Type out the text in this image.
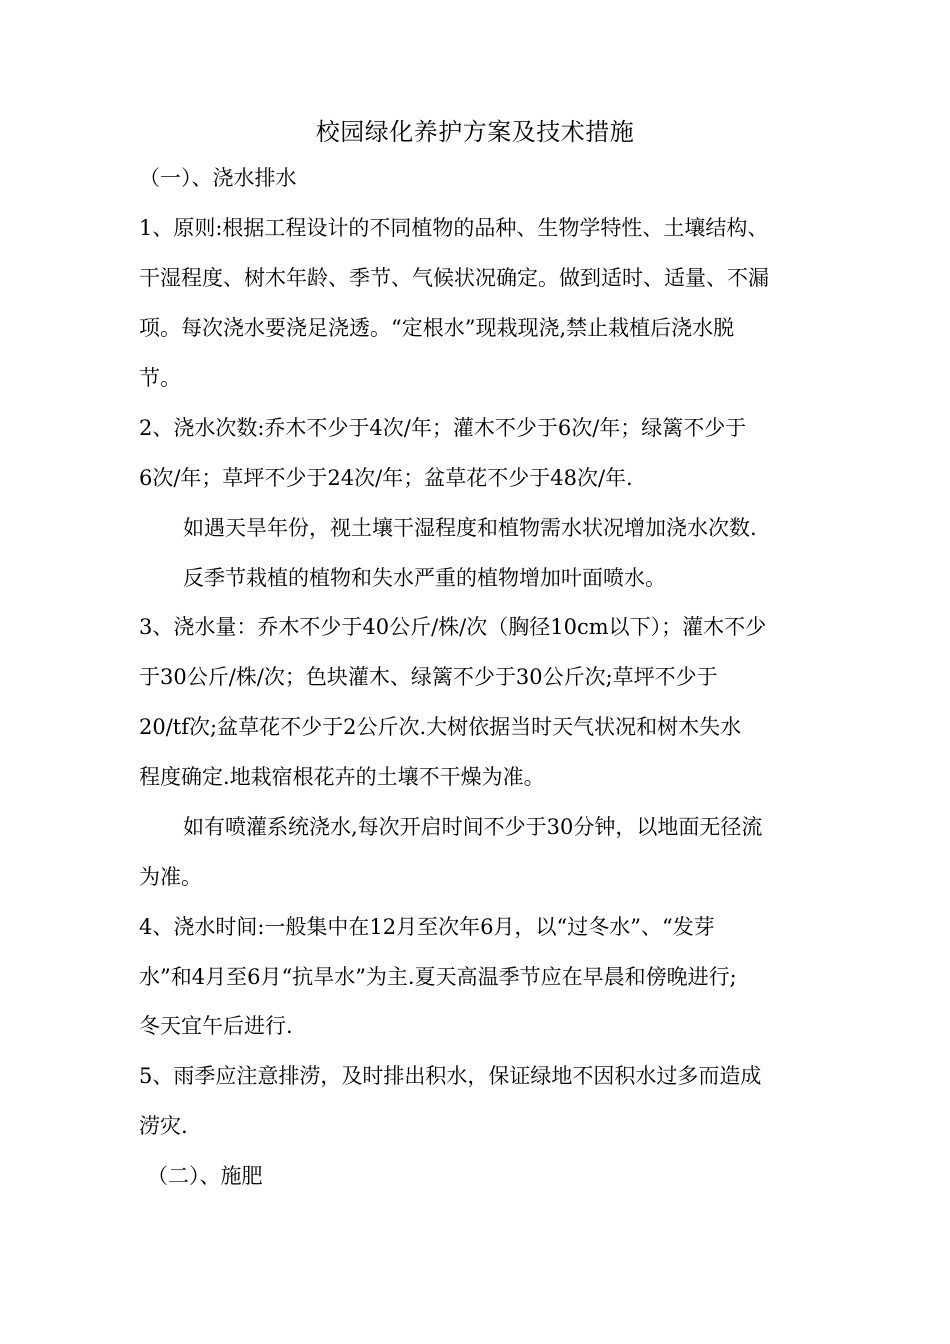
校园绿化养护方案及技术措施
（一）、浇水排水
1、原则:根据工程设计的不同植物的品种、生物学特性、土壤结构、
干湿程度、树木年龄、季节、气候状况确定。做到适时、适量、不漏
项。每次浇水要浇足浇透。“定根水”现栽现浇,禁止栽植后浇水脱
节。
2、浇水次数:乔木不少于4次/年；灌木不少于6次/年；绿篱不少于
6次/年；草坪不少于24次/年；盆草花不少于48次/年.
如遇天旱年份，视土壤干湿程度和植物需水状况增加浇水次数.
反季节栽植的植物和失水严重的植物增加叶面喷水。
3、浇水量：乔木不少于40公斤/株/次（胸径10cm以下）；灌木不少
于30公斤/株/次；色块灌木、绿篱不少于30公斤次;草坪不少于
20/tf次;盆草花不少于2公斤次.大树依据当时天气状况和树木失水
程度确定.地栽宿根花卉的土壤不干燥为准。
如有喷灌系统浇水,每次开启时间不少于30分钟，以地面无径流
为准。
4、浇水时间:一般集中在12月至次年6月，以“过冬水”、“发芽
水”和4月至6月“抗旱水”为主.夏天高温季节应在早晨和傍晚进行;
冬天宜午后进行.
5、雨季应注意排涝，及时排出积水，保证绿地不因积水过多而造成
涝灾.
（二）、施肥
